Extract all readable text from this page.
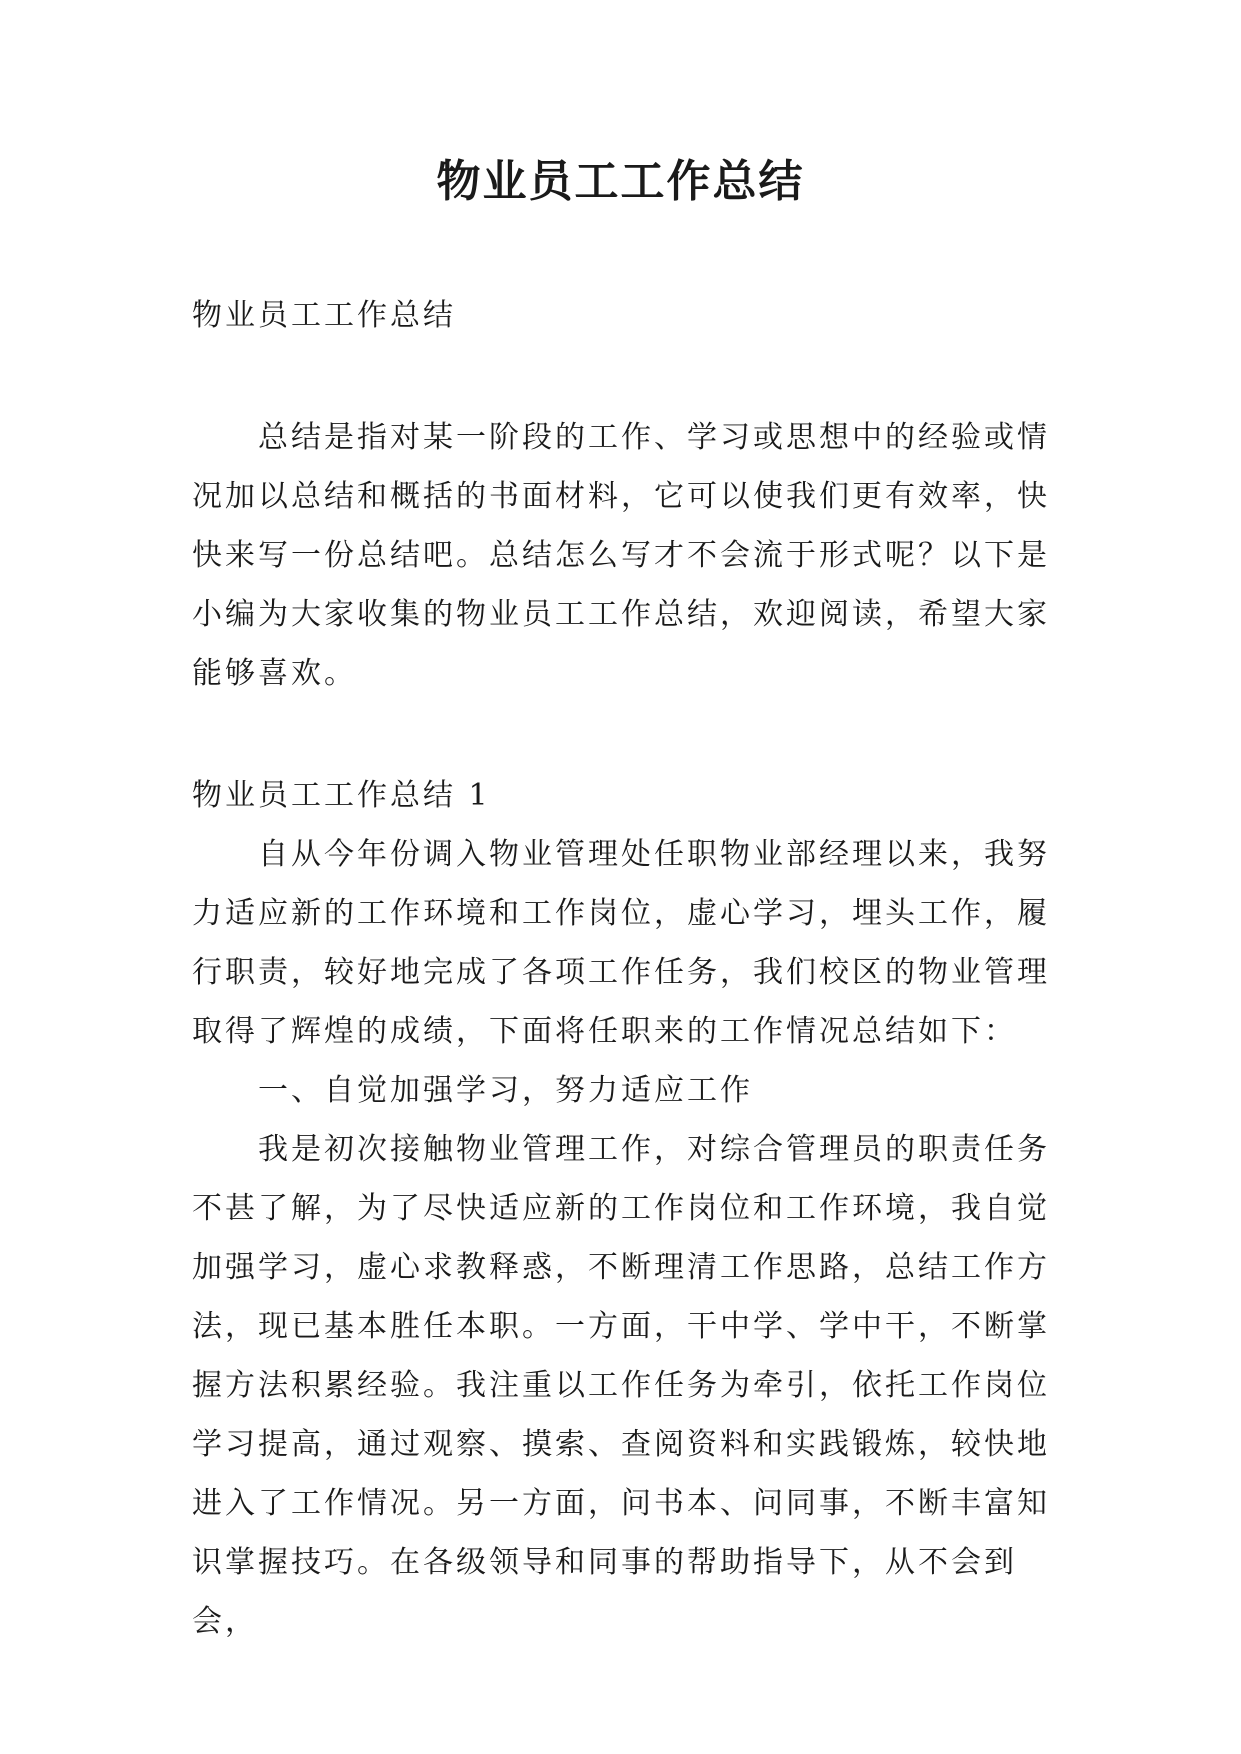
物业员工工作总结

物业员工工作总结

总结是指对某一阶段的工作、学习或思想中的经验或情况加以总结和概括的书面材料，它可以使我们更有效率，快快来写一份总结吧。总结怎么写才不会流于形式呢？以下是小编为大家收集的物业员工工作总结，欢迎阅读，希望大家能够喜欢。

物业员工工作总结 1

自从今年份调入物业管理处任职物业部经理以来，我努力适应新的工作环境和工作岗位，虚心学习，埋头工作，履行职责，较好地完成了各项工作任务，我们校区的物业管理取得了辉煌的成绩，下面将任职来的工作情况总结如下：

一、自觉加强学习，努力适应工作

我是初次接触物业管理工作，对综合管理员的职责任务不甚了解，为了尽快适应新的工作岗位和工作环境，我自觉加强学习，虚心求教释惑，不断理清工作思路，总结工作方法，现已基本胜任本职。一方面，干中学、学中干，不断掌握方法积累经验。我注重以工作任务为牵引，依托工作岗位学习提高，通过观察、摸索、查阅资料和实践锻炼，较快地进入了工作情况。另一方面，问书本、问同事，不断丰富知识掌握技巧。在各级领导和同事的帮助指导下，从不会到会，
